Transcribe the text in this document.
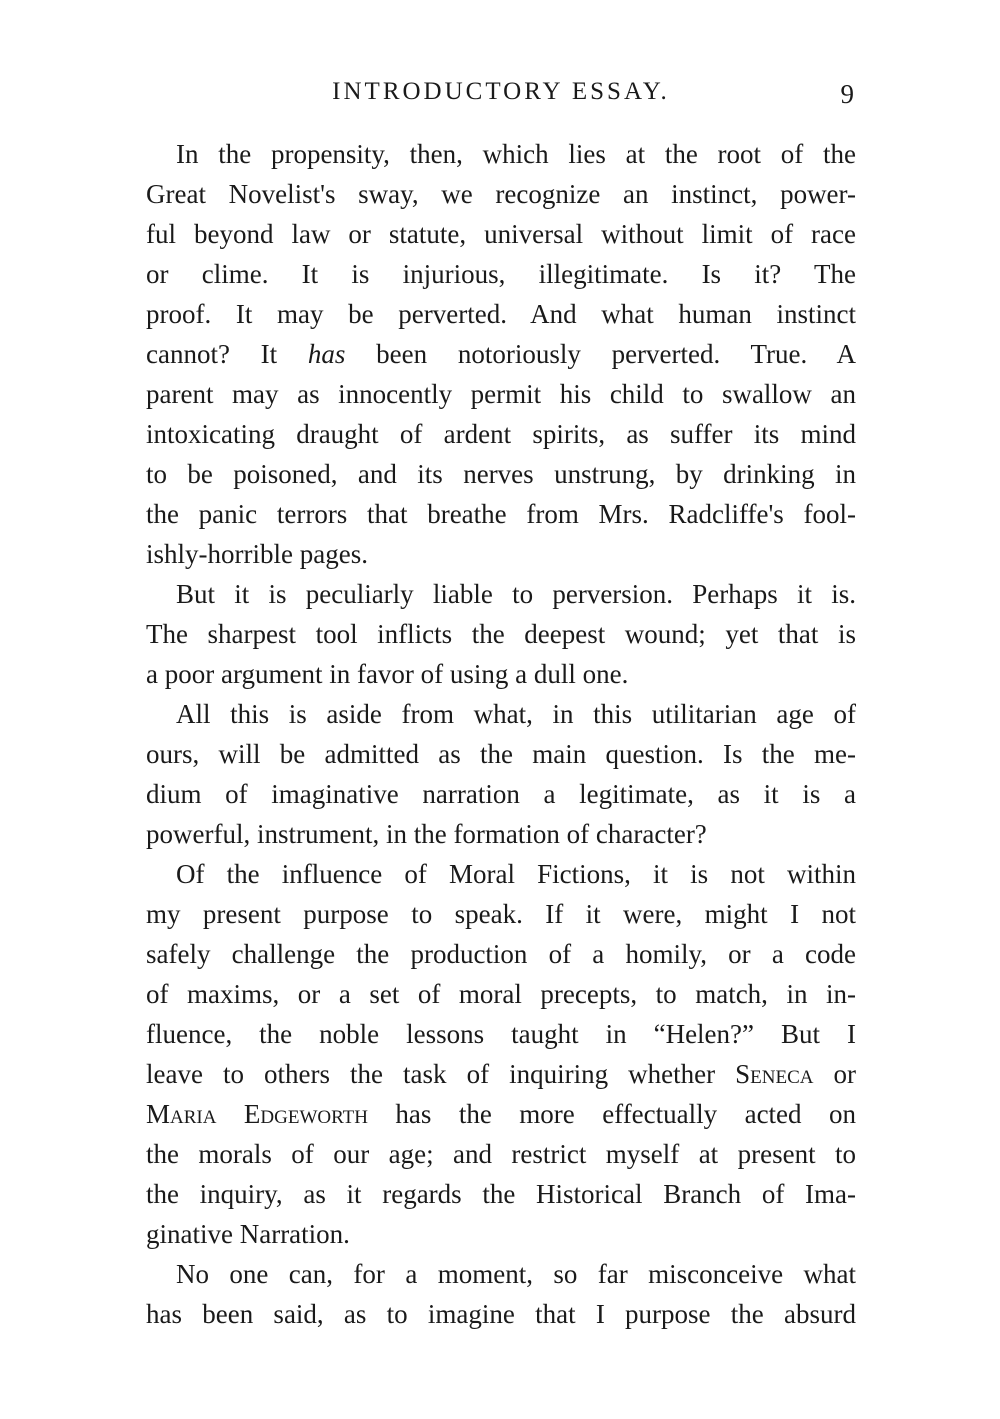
INTRODUCTORY ESSAY.	9
In the propensity, then, which lies at the root of the
Great Novelist's sway, we recognize an instinct, power-
ful beyond law or statute, universal without limit of race
or clime. It is injurious, illegitimate. Is it? The
proof. It may be perverted. And what human instinct
cannot? It has been notoriously perverted. True. A
parent may as innocently permit his child to swallow an
intoxicating draught of ardent spirits, as suffer its mind
to be poisoned, and its nerves unstrung, by drinking in
the panic terrors that breathe from Mrs. Radcliffe's fool-
ishly-horrible pages.
But it is peculiarly liable to perversion. Perhaps it is.
The sharpest tool inflicts the deepest wound; yet that is
a poor argument in favor of using a dull one.
All this is aside from what, in this utilitarian age of
ours, will be admitted as the main question. Is the me-
dium of imaginative narration a legitimate, as it is a
powerful, instrument, in the formation of character?
Of the influence of Moral Fictions, it is not within
my present purpose to speak. If it were, might I not
safely challenge the production of a homily, or a code
of maxims, or a set of moral precepts, to match, in in-
fluence, the noble lessons taught in “Helen?” But I
leave to others the task of inquiring whether Seneca or
Maria Edgeworth has the more effectually acted on
the morals of our age; and restrict myself at present to
the inquiry, as it regards the Historical Branch of Ima-
ginative Narration.
No one can, for a moment, so far misconceive what
has been said, as to imagine that I purpose the absurd
